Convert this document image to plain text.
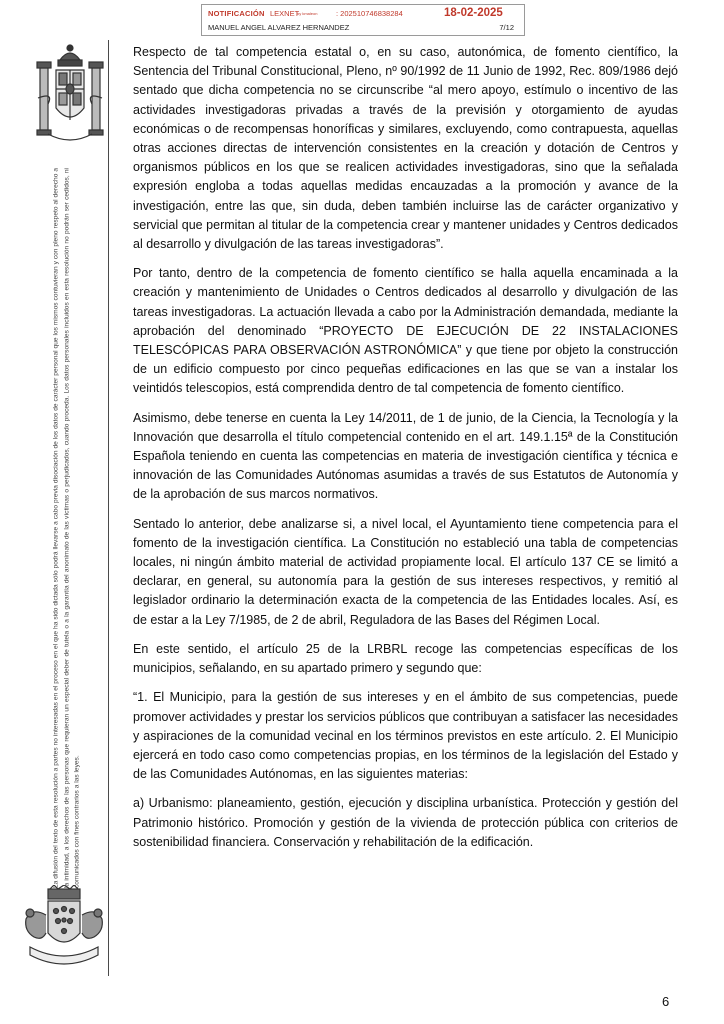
NOTIFICACIÓN LEXNET
by kmaleon : 202510746838284	18-02-2025
MANUEL ANGEL ALVAREZ HERNANDEZ	7/12
La difusión del texto de esta resolución a partes no interesadas en el proceso en el que ha sido dictada sólo podrá llevarse a cabo previa disociación de los datos de carácter personal que los mismos contuvieran y con pleno respeto al derecho a la intimidad, a los derechos de las personas que requieran un especial deber de tutela o a la garantía del anonimato de las víctimas o perjudicados, cuando proceda. Los datos personales incluidos en esta resolución no podrán ser cedidos, ni comunicados con fines contrarios a las leyes.

Respecto de tal competencia estatal o, en su caso, autonómica, de fomento científico, la Sentencia del Tribunal Constitucional, Pleno, nº 90/1992 de 11 Junio de 1992, Rec. 809/1986 dejó sentado que dicha competencia no se circunscribe “al mero apoyo, estímulo o incentivo de las actividades investigadoras privadas a través de la previsión y otorgamiento de ayudas económicas o de recompensas honoríficas y similares, excluyendo, como contrapuesta, aquellas otras acciones directas de intervención consistentes en la creación y dotación de Centros y organismos públicos en los que se realicen actividades investigadoras, sino que la señalada expresión engloba a todas aquellas medidas encauzadas a la promoción y avance de la investigación, entre las que, sin duda, deben también incluirse las de carácter organizativo y servicial que permitan al titular de la competencia crear y mantener unidades y Centros dedicados al desarrollo y divulgación de las tareas investigadoras”.

Por tanto, dentro de la competencia de fomento científico se halla aquella encaminada a la creación y mantenimiento de Unidades o Centros dedicados al desarrollo y divulgación de las tareas investigadoras. La actuación llevada a cabo por la Administración demandada, mediante la aprobación del denominado “PROYECTO DE EJECUCIÓN DE 22 INSTALACIONES TELESCÓPICAS PARA OBSERVACIÓN ASTRONÓMICA” y que tiene por objeto la construcción de un edificio compuesto por cinco pequeñas edificaciones en las que se van a instalar los veintidós telescopios, está comprendida dentro de tal competencia de fomento científico.

Asimismo, debe tenerse en cuenta la Ley 14/2011, de 1 de junio, de la Ciencia, la Tecnología y la Innovación que desarrolla el título competencial contenido en el art. 149.1.15ª de la Constitución Española teniendo en cuenta las competencias en materia de investigación científica y técnica e innovación de las Comunidades Autónomas asumidas a través de sus Estatutos de Autonomía y de la aprobación de sus marcos normativos.

Sentado lo anterior, debe analizarse si, a nivel local, el Ayuntamiento tiene competencia para el fomento de la investigación científica. La Constitución no estableció una tabla de competencias locales, ni ningún ámbito material de actividad propiamente local. El artículo 137 CE se limitó a declarar, en general, su autonomía para la gestión de sus intereses respectivos, y remitió al legislador ordinario la determinación exacta de la competencia de las Entidades locales. Así, es de estar a la Ley 7/1985, de 2 de abril, Reguladora de las Bases del Régimen Local.

En este sentido, el artículo 25 de la LRBRL recoge las competencias específicas de los municipios, señalando, en su apartado primero y segundo que:

“1. El Municipio, para la gestión de sus intereses y en el ámbito de sus competencias, puede promover actividades y prestar los servicios públicos que contribuyan a satisfacer las necesidades y aspiraciones de la comunidad vecinal en los términos previstos en este artículo. 2. El Municipio ejercerá en todo caso como competencias propias, en los términos de la legislación del Estado y de las Comunidades Autónomas, en las siguientes materias:

a) Urbanismo: planeamiento, gestión, ejecución y disciplina urbanística. Protección y gestión del Patrimonio histórico. Promoción y gestión de la vivienda de protección pública con criterios de sostenibilidad financiera. Conservación y rehabilitación de la edificación.

6
